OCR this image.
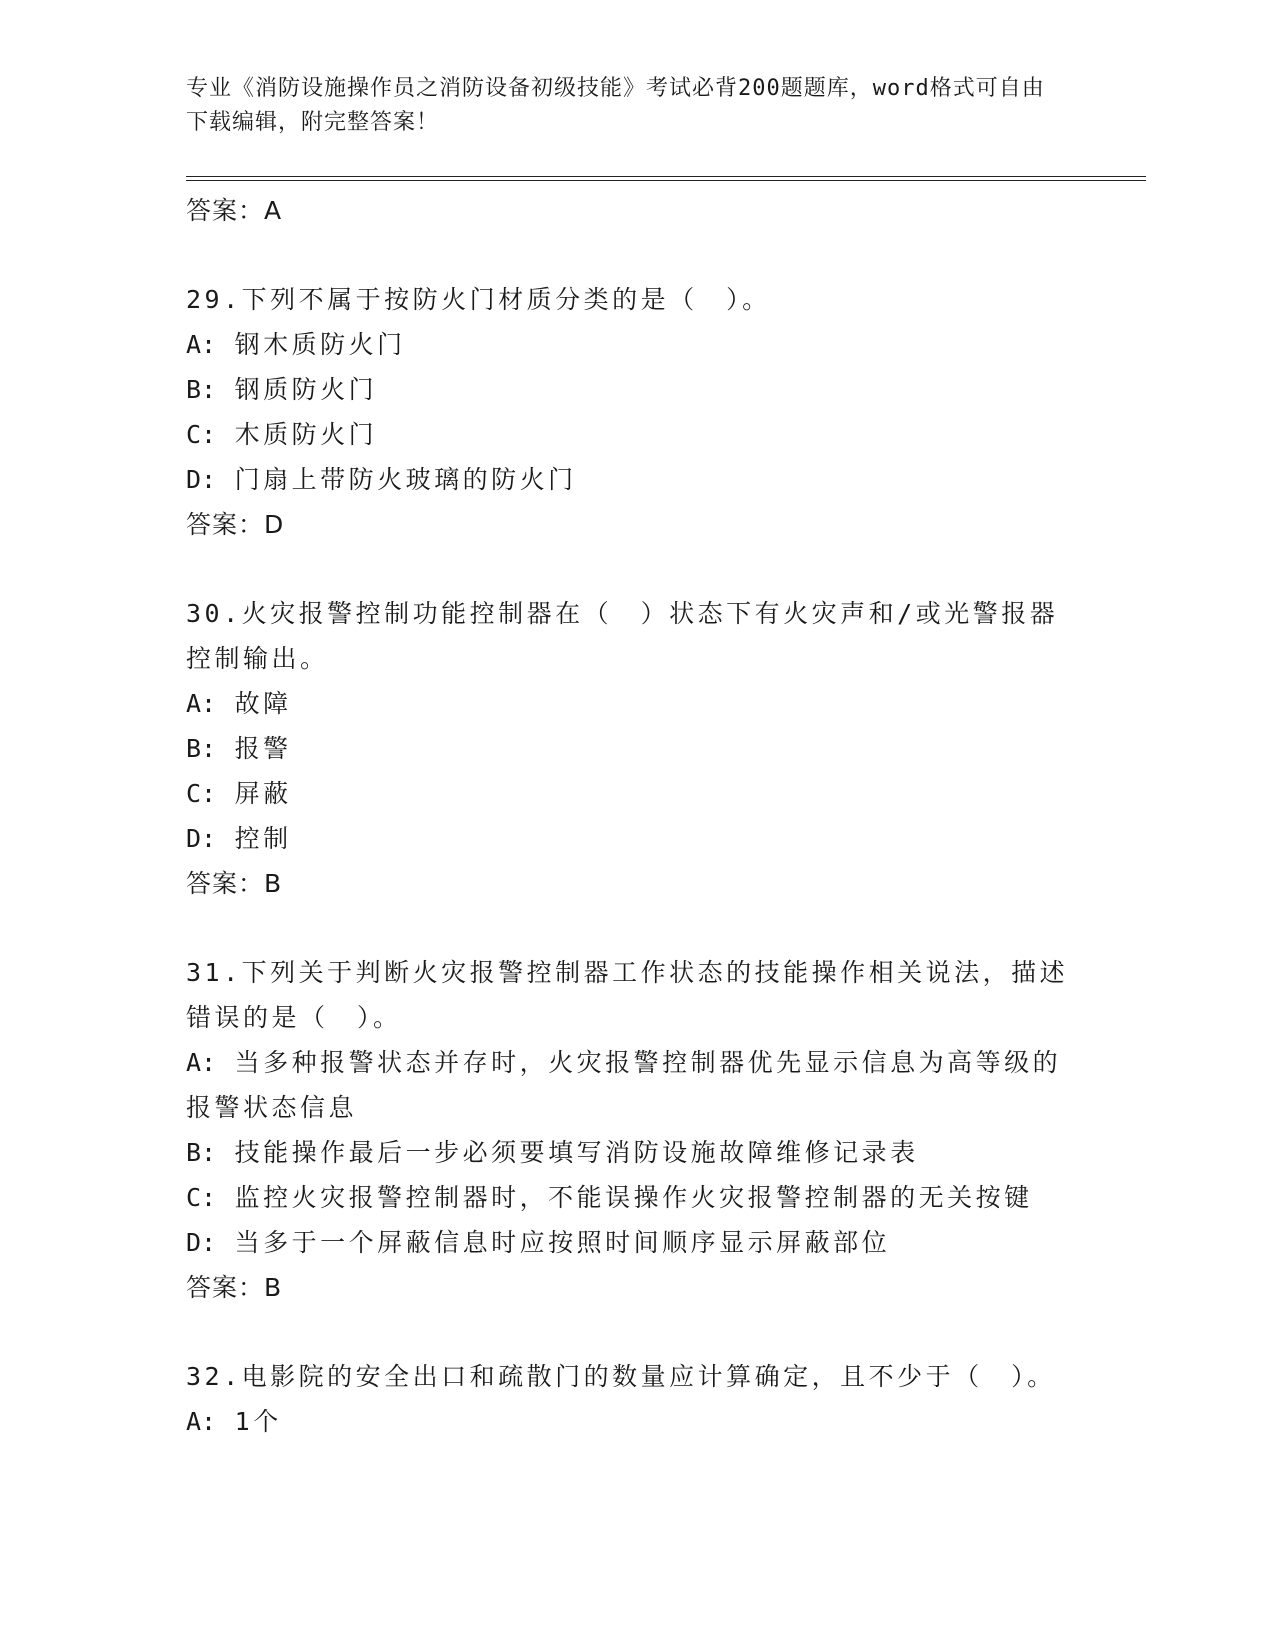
专业《消防设施操作员之消防设备初级技能》考试必背200题题库，word格式可自由下载编辑，附完整答案！
答案：A
29.下列不属于按防火门材质分类的是（　）。
A: 钢木质防火门
B: 钢质防火门
C: 木质防火门
D: 门扇上带防火玻璃的防火门
答案：D
30.火灾报警控制功能控制器在（　）状态下有火灾声和/或光警报器
控制输出。
A: 故障
B: 报警
C: 屏蔽
D: 控制
答案：B
31.下列关于判断火灾报警控制器工作状态的技能操作相关说法，描述
错误的是（　）。
A: 当多种报警状态并存时，火灾报警控制器优先显示信息为高等级的
报警状态信息
B: 技能操作最后一步必须要填写消防设施故障维修记录表
C: 监控火灾报警控制器时，不能误操作火灾报警控制器的无关按键
D: 当多于一个屏蔽信息时应按照时间顺序显示屏蔽部位
答案：B
32.电影院的安全出口和疏散门的数量应计算确定，且不少于（　）。
A: 1个
